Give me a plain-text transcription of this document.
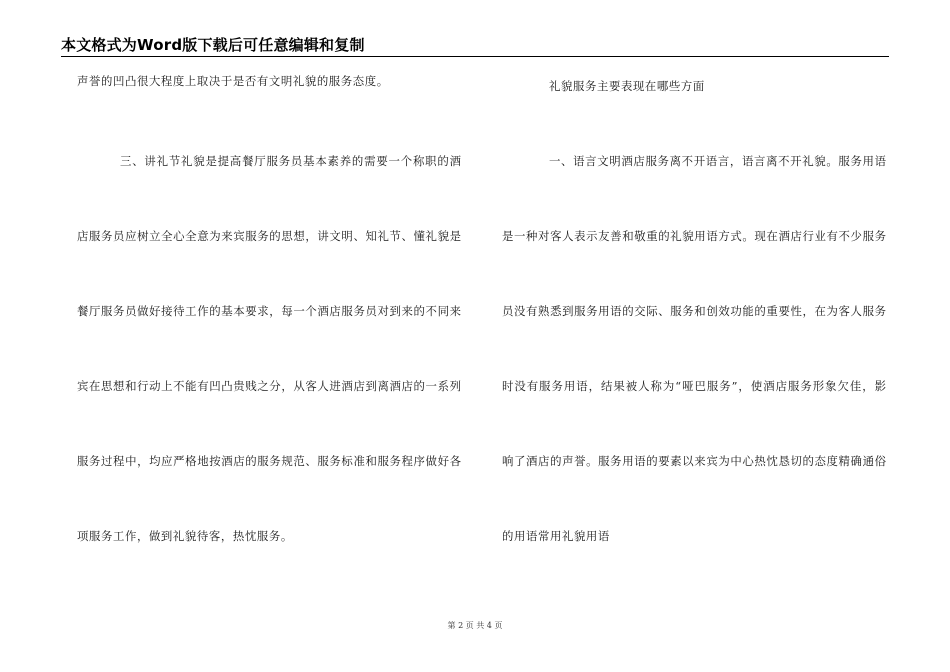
本文格式为Word版下载后可任意编辑和复制
声誉的凹凸很大程度上取决于是否有文明礼貌的服务态度。
三、讲礼节礼貌是提高餐厅服务员基本素养的需要一个称职的酒
店服务员应树立全心全意为来宾服务的思想，讲文明、知礼节、懂礼貌是
餐厅服务员做好接待工作的基本要求，每一个酒店服务员对到来的不同来
宾在思想和行动上不能有凹凸贵贱之分，从客人进酒店到离酒店的一系列
服务过程中，均应严格地按酒店的服务规范、服务标准和服务程序做好各
项服务工作，做到礼貌待客，热忱服务。
礼貌服务主要表现在哪些方面
一、语言文明酒店服务离不开语言，语言离不开礼貌。服务用语
是一种对客人表示友善和敬重的礼貌用语方式。现在酒店行业有不少服务
员没有熟悉到服务用语的交际、服务和创效功能的重要性，在为客人服务
时没有服务用语，结果被人称为“哑巴服务”，使酒店服务形象欠佳，影
响了酒店的声誉。服务用语的要素以来宾为中心热忱恳切的态度精确通俗
的用语常用礼貌用语
第 2 页 共 4 页
